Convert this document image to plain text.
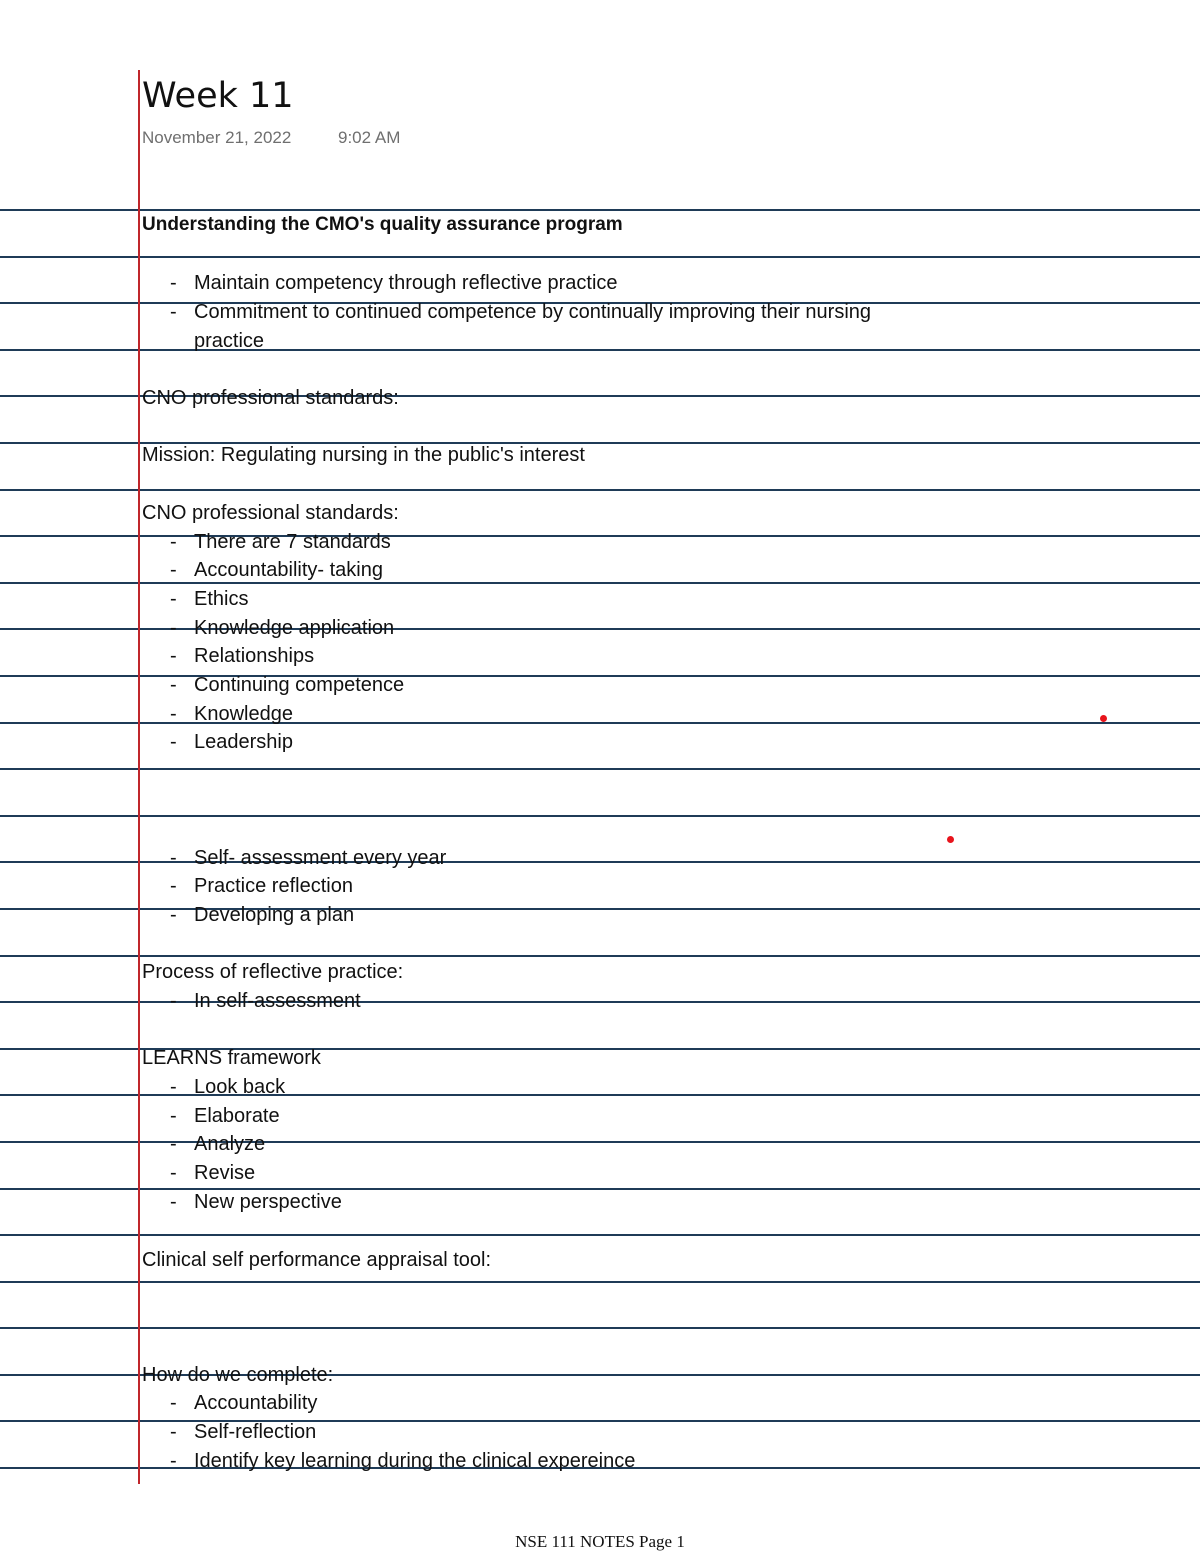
Week 11
November 21, 2022	9:02 AM
Understanding the CMO's quality assurance program
- Maintain competency through reflective practice
- Commitment to continued competence by continually improving their nursing
practice
CNO professional standards:
Mission: Regulating nursing in the public's interest
CNO professional standards:
- There are 7 standards
- Accountability- taking
- Ethics
- Knowledge application
- Relationships
- Continuing competence
- Knowledge
- Leadership
- Self- assessment every year
- Practice reflection
- Developing a plan
Process of reflective practice:
- In self-assessment
LEARNS framework
- Look back
- Elaborate
- Analyze
- Revise
- New perspective
Clinical self performance appraisal tool:
How do we complete:
- Accountability
- Self-reflection
- Identify key learning during the clinical expereince
NSE 111 NOTES Page 1
